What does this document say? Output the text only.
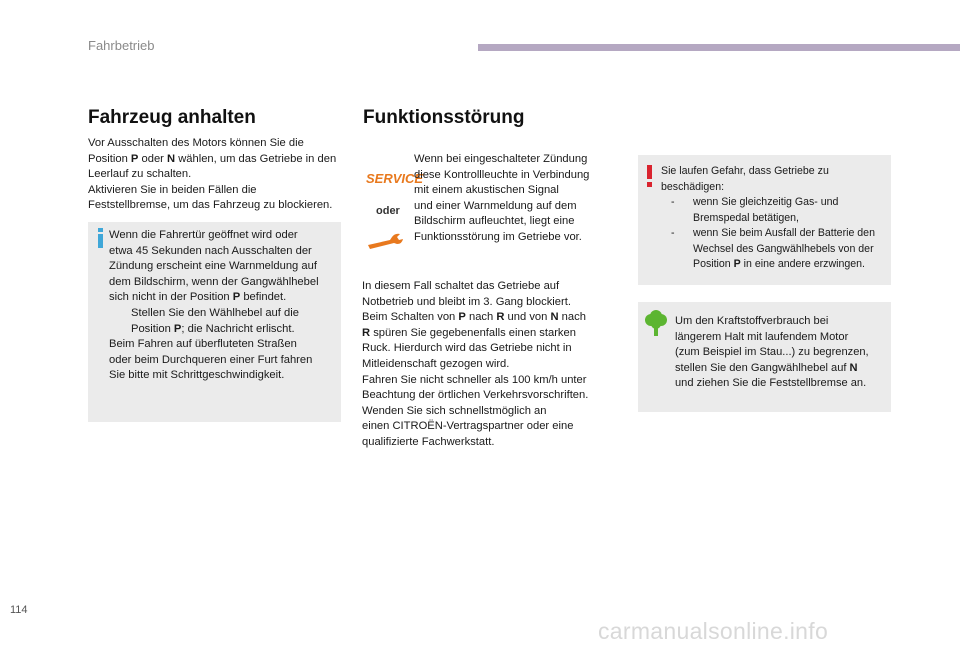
Fahrbetrieb
Fahrzeug anhalten
Vor Ausschalten des Motors können Sie die
Position P oder N wählen, um das Getriebe in den
Leerlauf zu schalten.
Aktivieren Sie in beiden Fällen die
Feststellbremse, um das Fahrzeug zu blockieren.
Wenn die Fahrertür geöffnet wird oder
etwa 45 Sekunden nach Ausschalten der
Zündung erscheint eine Warnmeldung auf
dem Bildschirm, wenn der Gangwählhebel
sich nicht in der Position P befindet.
Stellen Sie den Wählhebel auf die
Position P; die Nachricht erlischt.
Beim Fahren auf überfluteten Straßen
oder beim Durchqueren einer Furt fahren
Sie bitte mit Schrittgeschwindigkeit.
Funktionsstörung
SERVICE
oder
Wenn bei eingeschalteter Zündung
diese Kontrollleuchte in Verbindung
mit einem akustischen Signal
und einer Warnmeldung auf dem
Bildschirm aufleuchtet, liegt eine
Funktionsstörung im Getriebe vor.
In diesem Fall schaltet das Getriebe auf
Notbetrieb und bleibt im 3. Gang blockiert.
Beim Schalten von P nach R und von N nach
R spüren Sie gegebenenfalls einen starken
Ruck. Hierdurch wird das Getriebe nicht in
Mitleidenschaft gezogen wird.
Fahren Sie nicht schneller als 100 km/h unter
Beachtung der örtlichen Verkehrsvorschriften.
Wenden Sie sich schnellstmöglich an
einen CITROËN-Vertragspartner oder eine
qualifizierte Fachwerkstatt.
Sie laufen Gefahr, dass Getriebe zu
beschädigen:
- wenn Sie gleichzeitig Gas- und
Bremspedal betätigen,
- wenn Sie beim Ausfall der Batterie den
Wechsel des Gangwählhebels von der
Position P in eine andere erzwingen.
Um den Kraftstoffverbrauch bei
längerem Halt mit laufendem Motor
(zum Beispiel im Stau...) zu begrenzen,
stellen Sie den Gangwählhebel auf N
und ziehen Sie die Feststellbremse an.
114
carmanualsonline.info
